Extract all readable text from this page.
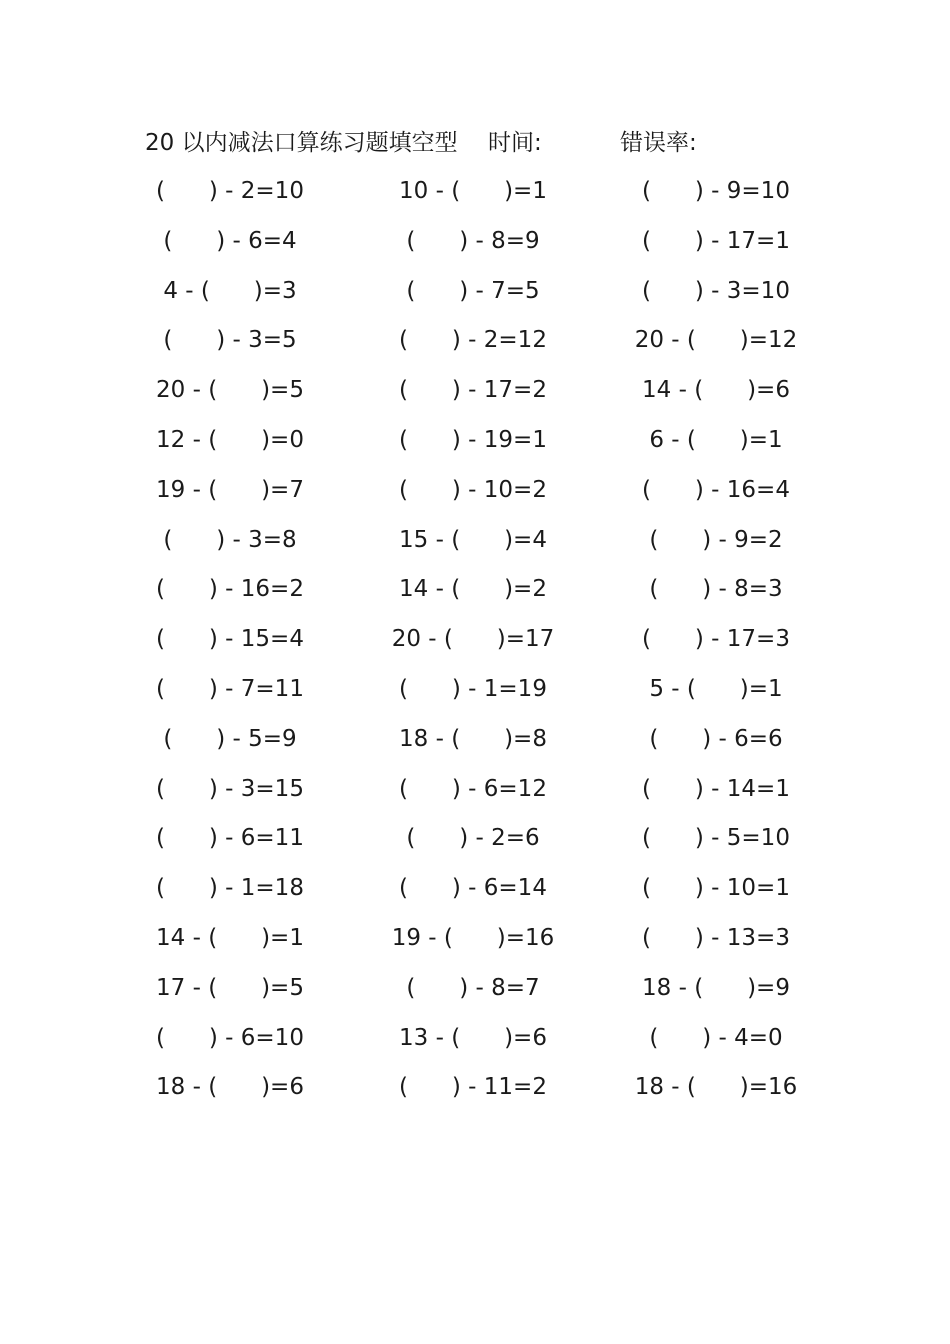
20 以内减法口算练习题填空型 时间:	错误率:
(      ) - 2=10	10 - (      )=1	(      ) - 9=10
(      ) - 6=4	(      ) - 8=9	(      ) - 17=1
4 - (      )=3	(      ) - 7=5	(      ) - 3=10
(      ) - 3=5	(      ) - 2=12	20 - (      )=12
20 - (      )=5	(      ) - 17=2	14 - (      )=6
12 - (      )=0	(      ) - 19=1	6 - (      )=1
19 - (      )=7	(      ) - 10=2	(      ) - 16=4
(      ) - 3=8	15 - (      )=4	(      ) - 9=2
(      ) - 16=2	14 - (      )=2	(      ) - 8=3
(      ) - 15=4	20 - (      )=17	(      ) - 17=3
(      ) - 7=11	(      ) - 1=19	5 - (      )=1
(      ) - 5=9	18 - (      )=8	(      ) - 6=6
(      ) - 3=15	(      ) - 6=12	(      ) - 14=1
(      ) - 6=11	(      ) - 2=6	(      ) - 5=10
(      ) - 1=18	(      ) - 6=14	(      ) - 10=1
14 - (      )=1	19 - (      )=16	(      ) - 13=3
17 - (      )=5	(      ) - 8=7	18 - (      )=9
(      ) - 6=10	13 - (      )=6	(      ) - 4=0
18 - (      )=6	(      ) - 11=2	18 - (      )=16
